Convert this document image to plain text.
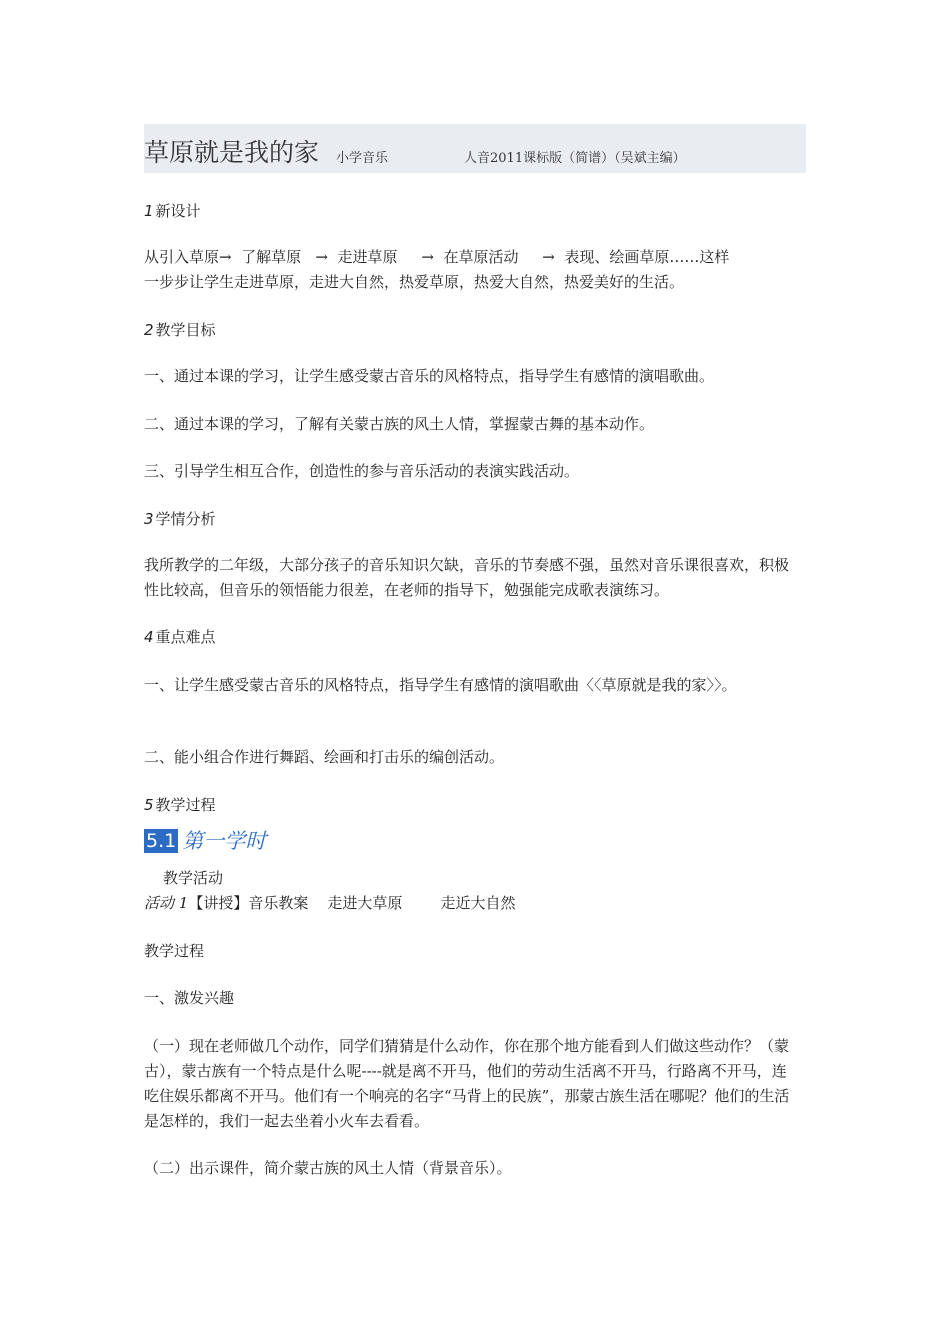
草原就是我的家 小学音乐	人音2011课标版（简谱）（吴斌主编）
1 新设计
从引入草原→  了解草原   →  走进草原     →  在草原活动     →  表现、绘画草原……这样
一步步让学生走进草原，走进大自然，热爱草原，热爱大自然，热爱美好的生活。
2 教学目标
一、通过本课的学习，让学生感受蒙古音乐的风格特点，指导学生有感情的演唱歌曲。
二、通过本课的学习，了解有关蒙古族的风土人情，掌握蒙古舞的基本动作。
三、引导学生相互合作，创造性的参与音乐活动的表演实践活动。
3 学情分析
我所教学的二年级，大部分孩子的音乐知识欠缺，音乐的节奏感不强，虽然对音乐课很喜欢，积极性比较高，但音乐的领悟能力很差，在老师的指导下，勉强能完成歌表演练习。
4 重点难点
一、让学生感受蒙古音乐的风格特点，指导学生有感情的演唱歌曲〈〈草原就是我的家〉〉。
二、能小组合作进行舞蹈、绘画和打击乐的编创活动。
5 教学过程
5.1 第一学时
教学活动
活动 1【讲授】音乐教案    走进大草原        走近大自然
教学过程
一、激发兴趣
（一）现在老师做几个动作，同学们猜猜是什么动作，你在那个地方能看到人们做这些动作？（蒙古），蒙古族有一个特点是什么呢----就是离不开马，他们的劳动生活离不开马，行路离不开马，连吃住娱乐都离不开马。他们有一个响亮的名字“马背上的民族”，那蒙古族生活在哪呢？他们的生活是怎样的，我们一起去坐着小火车去看看。
（二）出示课件，简介蒙古族的风土人情（背景音乐）。
